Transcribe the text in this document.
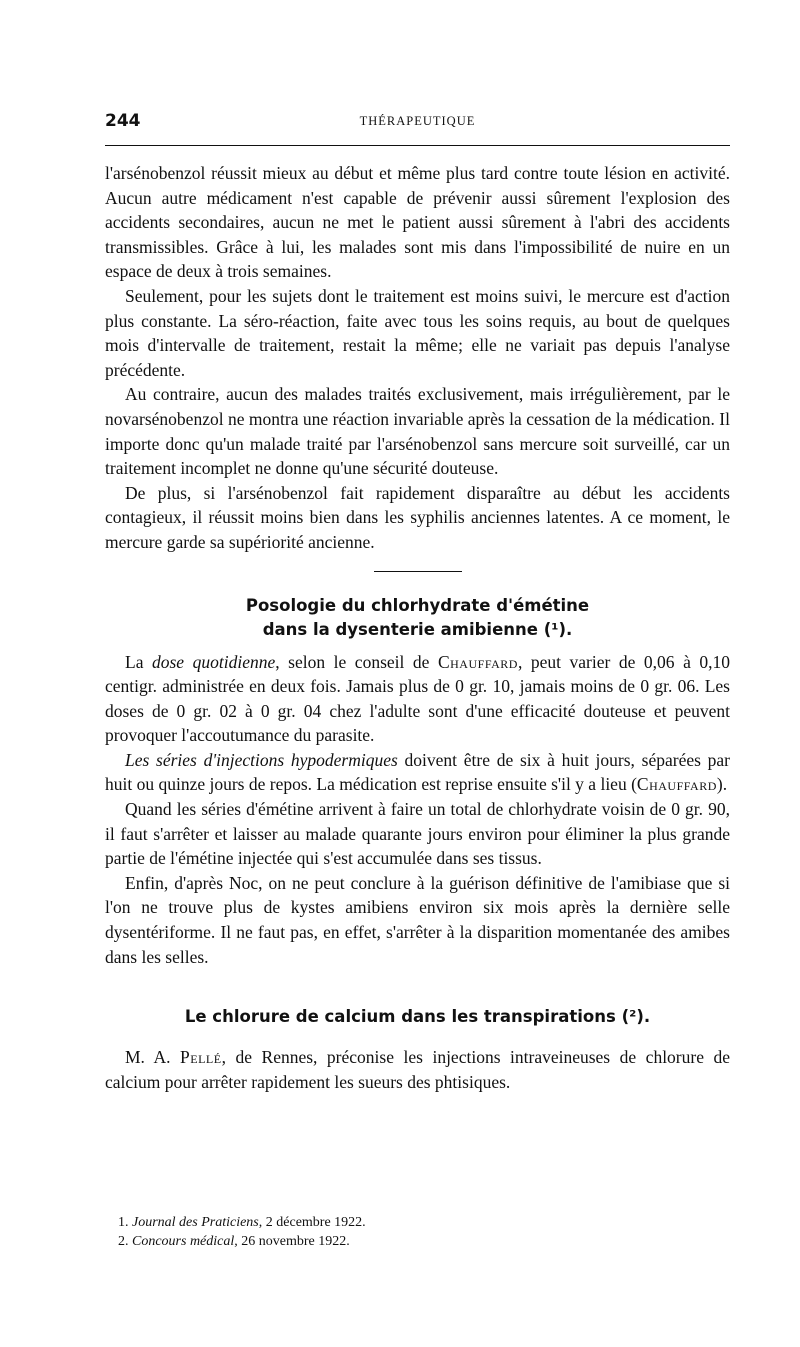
244	THÉRAPEUTIQUE

l'arsénobenzol réussit mieux au début et même plus tard contre toute lésion en activité. Aucun autre médicament n'est capable de prévenir aussi sûrement l'explosion des accidents secondaires, aucun ne met le patient aussi sûrement à l'abri des accidents transmissibles. Grâce à lui, les malades sont mis dans l'impossibilité de nuire en un espace de deux à trois semaines.

Seulement, pour les sujets dont le traitement est moins suivi, le mercure est d'action plus constante. La séro-réaction, faite avec tous les soins requis, au bout de quelques mois d'intervalle de traitement, restait la même; elle ne variait pas depuis l'analyse précédente.

Au contraire, aucun des malades traités exclusivement, mais irrégulièrement, par le novarsénobenzol ne montra une réaction invariable après la cessation de la médication. Il importe donc qu'un malade traité par l'arsénobenzol sans mercure soit surveillé, car un traitement incomplet ne donne qu'une sécurité douteuse.

De plus, si l'arsénobenzol fait rapidement disparaître au début les accidents contagieux, il réussit moins bien dans les syphilis anciennes latentes. A ce moment, le mercure garde sa supériorité ancienne.

Posologie du chlorhydrate d'émétine
dans la dysenterie amibienne (¹).

La dose quotidienne, selon le conseil de Chauffard, peut varier de 0,06 à 0,10 centigr. administrée en deux fois. Jamais plus de 0 gr. 10, jamais moins de 0 gr. 06. Les doses de 0 gr. 02 à 0 gr. 04 chez l'adulte sont d'une efficacité douteuse et peuvent provoquer l'accoutumance du parasite.

Les séries d'injections hypodermiques doivent être de six à huit jours, séparées par huit ou quinze jours de repos. La médication est reprise ensuite s'il y a lieu (Chauffard).

Quand les séries d'émétine arrivent à faire un total de chlorhydrate voisin de 0 gr. 90, il faut s'arrêter et laisser au malade quarante jours environ pour éliminer la plus grande partie de l'émétine injectée qui s'est accumulée dans ses tissus.

Enfin, d'après Noc, on ne peut conclure à la guérison définitive de l'amibiase que si l'on ne trouve plus de kystes amibiens environ six mois après la dernière selle dysentériforme. Il ne faut pas, en effet, s'arrêter à la disparition momentanée des amibes dans les selles.

Le chlorure de calcium dans les transpirations (²).

M. A. Pellé, de Rennes, préconise les injections intraveineuses de chlorure de calcium pour arrêter rapidement les sueurs des phtisiques.

1. Journal des Praticiens, 2 décembre 1922.
2. Concours médical, 26 novembre 1922.
